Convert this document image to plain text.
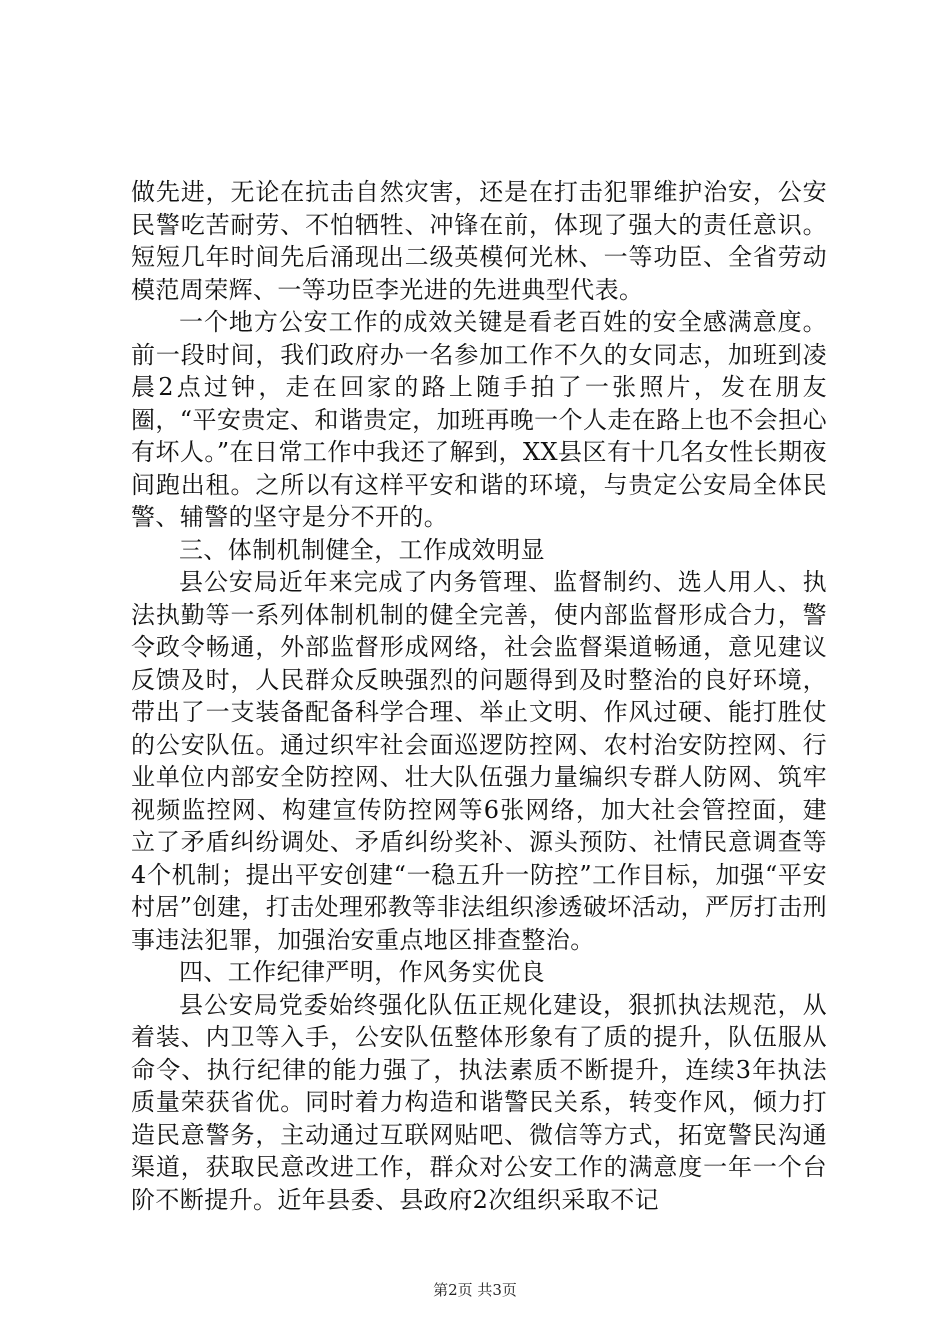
做先进，无论在抗击自然灾害，还是在打击犯罪维护治安，公安民警吃苦耐劳、不怕牺牲、冲锋在前，体现了强大的责任意识。短短几年时间先后涌现出二级英模何光林、一等功臣、全省劳动模范周荣辉、一等功臣李光进的先进典型代表。

一个地方公安工作的成效关键是看老百姓的安全感满意度。前一段时间，我们政府办一名参加工作不久的女同志，加班到凌晨2点过钟，走在回家的路上随手拍了一张照片，发在朋友圈，“平安贵定、和谐贵定，加班再晚一个人走在路上也不会担心有坏人。”在日常工作中我还了解到，XX县区有十几名女性长期夜间跑出租。之所以有这样平安和谐的环境，与贵定公安局全体民警、辅警的坚守是分不开的。

三、体制机制健全，工作成效明显

县公安局近年来完成了内务管理、监督制约、选人用人、执法执勤等一系列体制机制的健全完善，使内部监督形成合力，警令政令畅通，外部监督形成网络，社会监督渠道畅通，意见建议反馈及时，人民群众反映强烈的问题得到及时整治的良好环境，带出了一支装备配备科学合理、举止文明、作风过硬、能打胜仗的公安队伍。通过织牢社会面巡逻防控网、农村治安防控网、行业单位内部安全防控网、壮大队伍强力量编织专群人防网、筑牢视频监控网、构建宣传防控网等6张网络，加大社会管控面，建立了矛盾纠纷调处、矛盾纠纷奖补、源头预防、社情民意调查等4个机制；提出平安创建“一稳五升一防控”工作目标，加强“平安村居”创建，打击处理邪教等非法组织渗透破坏活动，严厉打击刑事违法犯罪，加强治安重点地区排查整治。

四、工作纪律严明，作风务实优良

县公安局党委始终强化队伍正规化建设，狠抓执法规范，从着装、内卫等入手，公安队伍整体形象有了质的提升，队伍服从命令、执行纪律的能力强了，执法素质不断提升，连续3年执法质量荣获省优。同时着力构造和谐警民关系，转变作风，倾力打造民意警务，主动通过互联网贴吧、微信等方式，拓宽警民沟通渠道，获取民意改进工作，群众对公安工作的满意度一年一个台阶不断提升。近年县委、县政府2次组织采取不记

第2页 共3页
